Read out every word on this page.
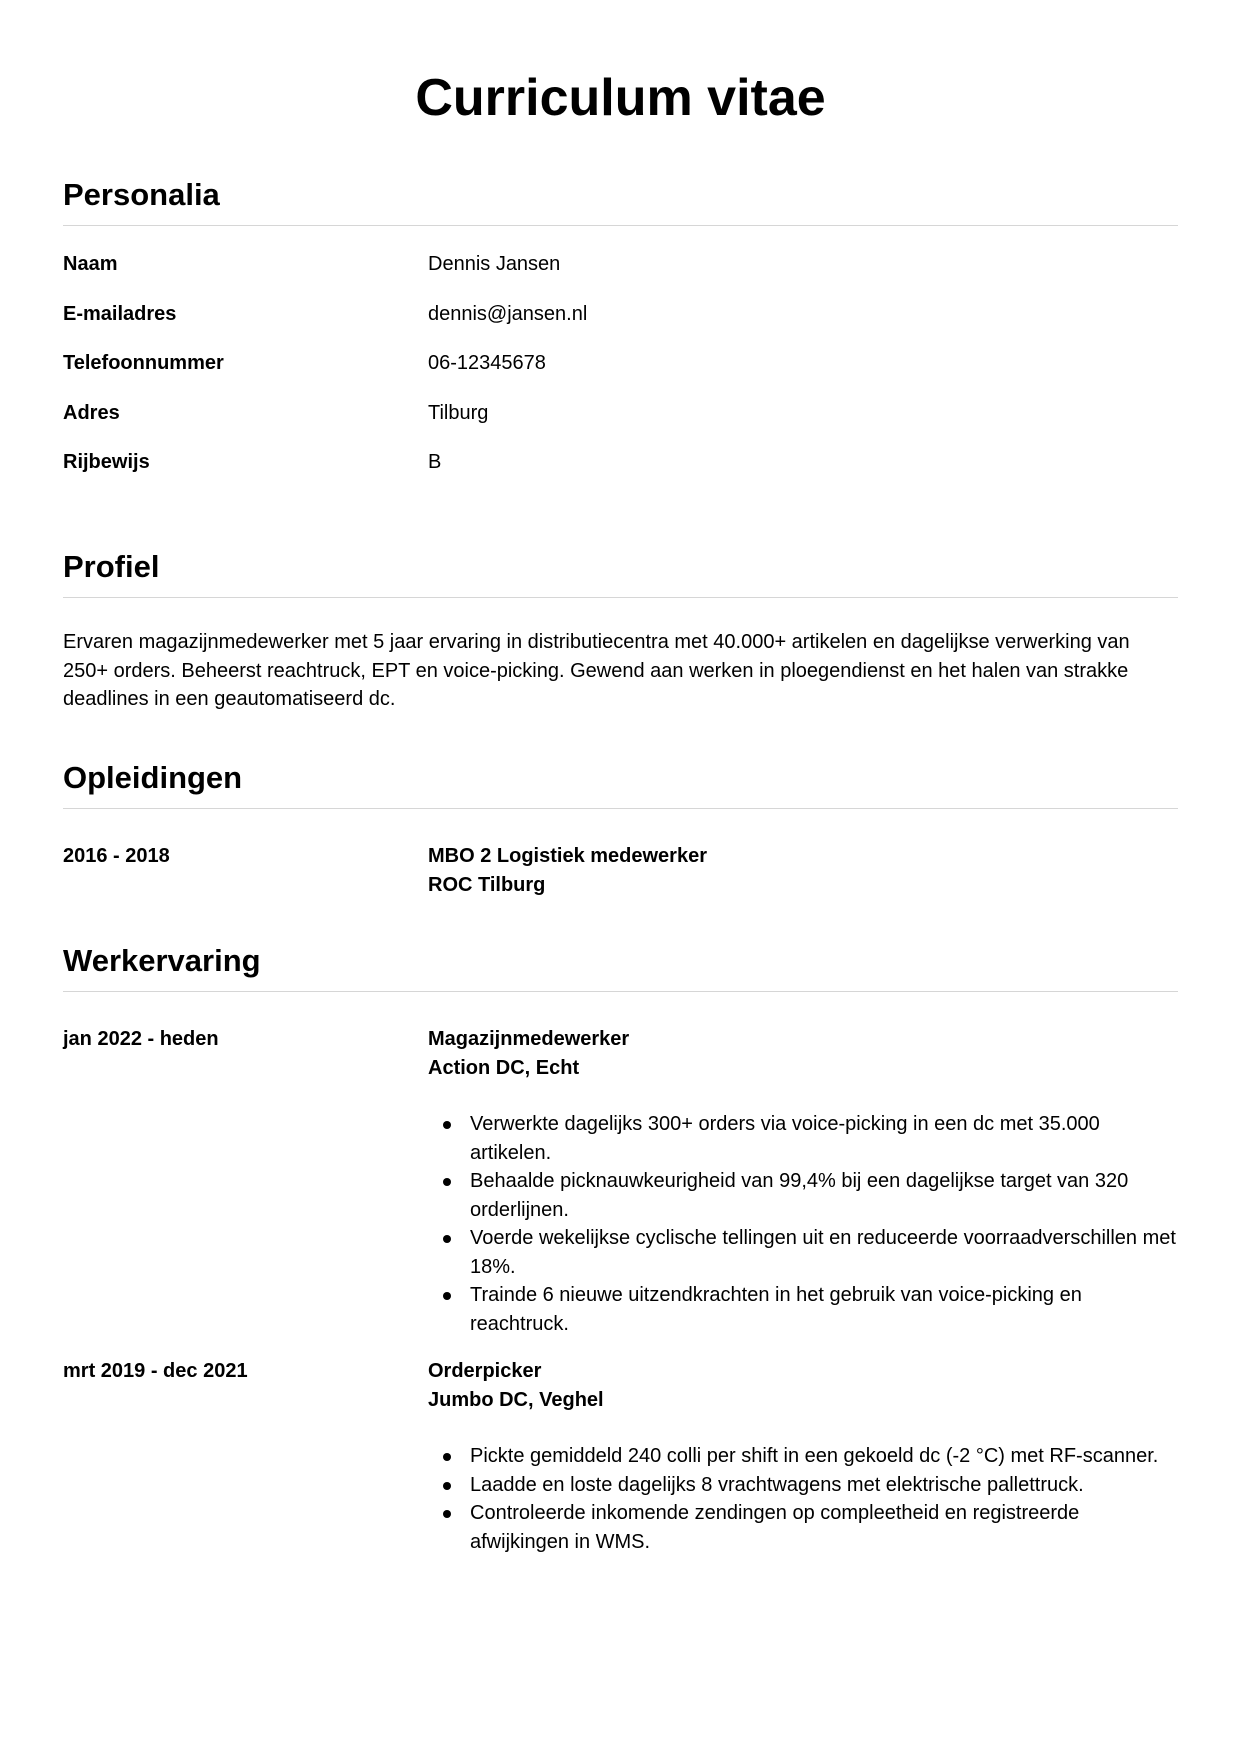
Curriculum vitae
Personalia
Naam	Dennis Jansen
E-mailadres	dennis@jansen.nl
Telefoonnummer	06-12345678
Adres	Tilburg
Rijbewijs	B
Profiel

Ervaren magazijnmedewerker met 5 jaar ervaring in distributiecentra met 40.000+ artikelen en dagelijkse verwerking van 250+ orders. Beheerst reachtruck, EPT en voice-picking. Gewend aan werken in ploegendienst en het halen van strakke deadlines in een geautomatiseerd dc.

Opleidingen
2016 - 2018	MBO 2 Logistiek medewerker
ROC Tilburg
Werkervaring
jan 2022 - heden	Magazijnmedewerker
Action DC, Echt
Verwerkte dagelijks 300+ orders via voice-picking in een dc met 35.000 artikelen.
Behaalde picknauwkeurigheid van 99,4% bij een dagelijkse target van 320 orderlijnen.
Voerde wekelijkse cyclische tellingen uit en reduceerde voorraadverschillen met 18%.
Trainde 6 nieuwe uitzendkrachten in het gebruik van voice-picking en reachtruck.
mrt 2019 - dec 2021	Orderpicker
Jumbo DC, Veghel
Pickte gemiddeld 240 colli per shift in een gekoeld dc (-2 °C) met RF-scanner.
Laadde en loste dagelijks 8 vrachtwagens met elektrische pallettruck.
Controleerde inkomende zendingen op compleetheid en registreerde afwijkingen in WMS.
